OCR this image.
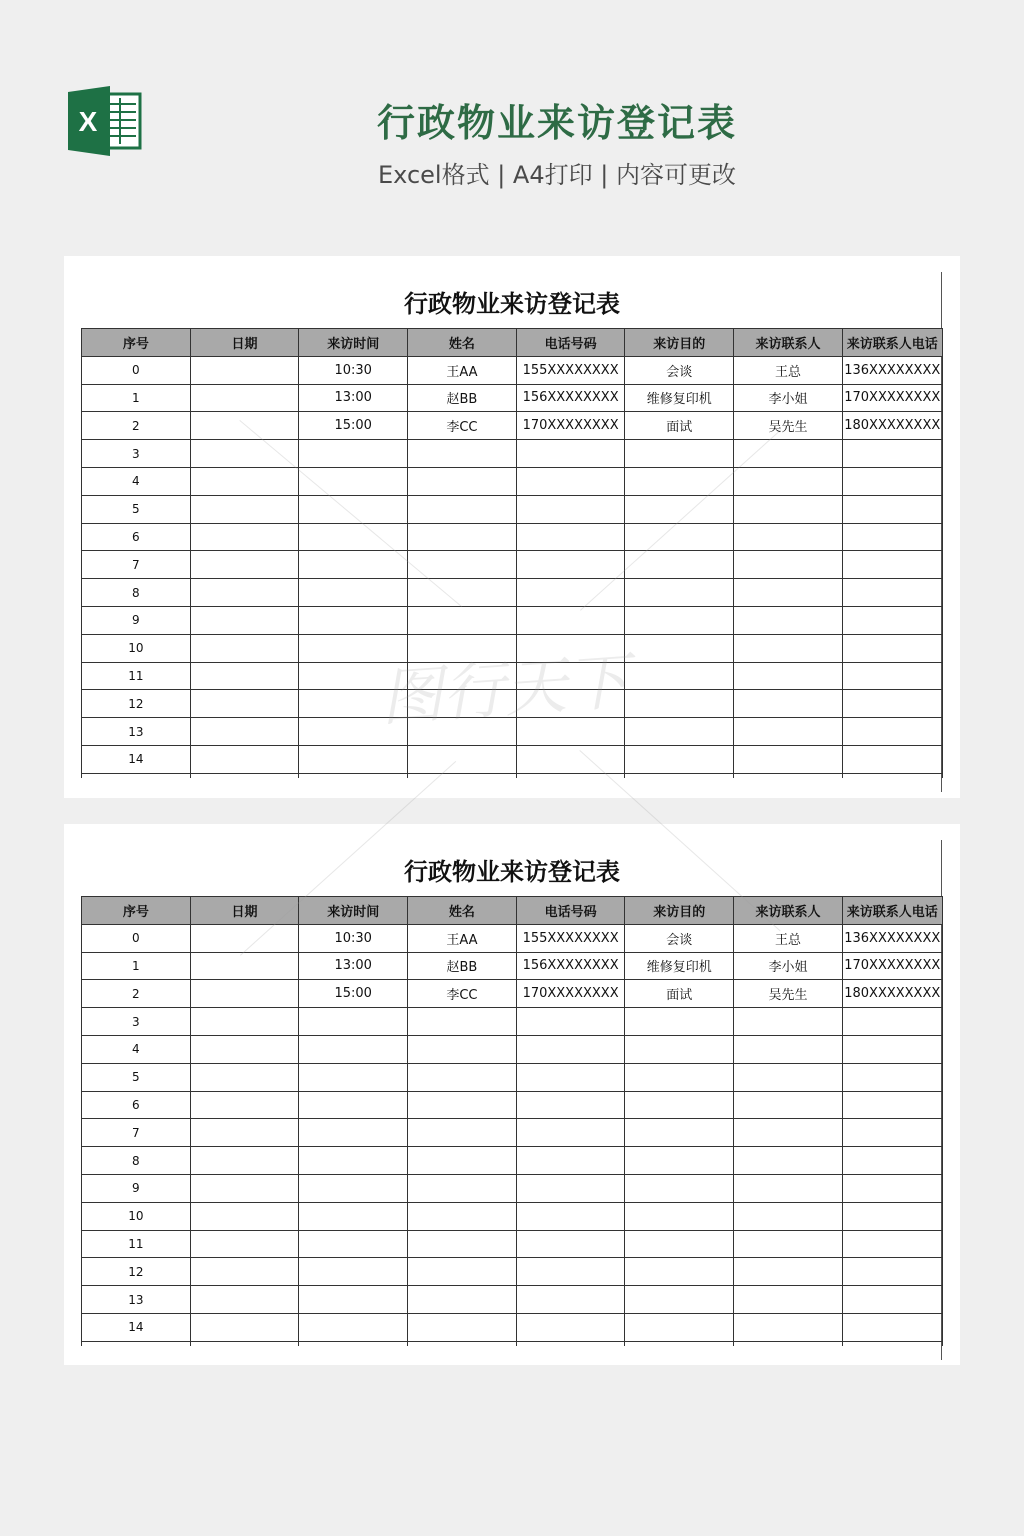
X	行政物业来访登记表
Excel格式 | A4打印 | 内容可更改
行政物业来访登记表
序号	日期	来访时间	姓名	电话号码	来访目的	来访联系人	来访联系人电话
0		10:30	王AA	155XXXXXXXX	会谈	王总	136XXXXXXXX
1		13:00	赵BB	156XXXXXXXX	维修复印机	李小姐	170XXXXXXXX
2		15:00	李CC	170XXXXXXXX	面试	吴先生	180XXXXXXXX
3							
4							
5							
6							
7							
8							
9							
10							
11							
12							
13							
14							

行政物业来访登记表
序号	日期	来访时间	姓名	电话号码	来访目的	来访联系人	来访联系人电话
0		10:30	王AA	155XXXXXXXX	会谈	王总	136XXXXXXXX
1		13:00	赵BB	156XXXXXXXX	维修复印机	李小姐	170XXXXXXXX
2		15:00	李CC	170XXXXXXXX	面试	吴先生	180XXXXXXXX
3							
4							
5							
6							
7							
8							
9							
10							
11							
12							
13							
14							

图行天下
